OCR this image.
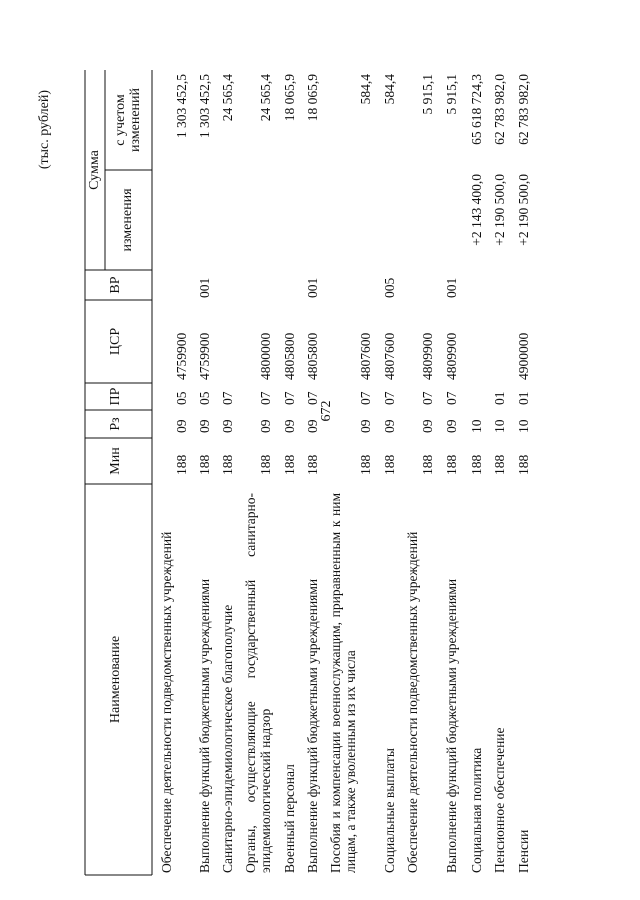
672
(тыс. рублей)
Наименование
Мин
Рз
ПР
ЦСР
ВР
Сумма
изменения
с учетом изменений
Обеспечение деятельности подведомственных учреждений
188
09
05
4759900
1 303 452,5
Выполнение функций бюджетными учреждениями
188
09
05
4759900
001
1 303 452,5
Санитарно-эпидемиологическое благополучие
188
09
07
24 565,4
Органы, осуществляющие государственный санитарно-эпидемиологический надзор
188
09
07
4800000
24 565,4
Военный персонал
188
09
07
4805800
18 065,9
Выполнение функций бюджетными учреждениями
188
09
07
4805800
001
18 065,9
Пособия и компенсации военнослужащим, приравненным к ним лицам, а также уволенным из их числа
188
09
07
4807600
584,4
Социальные выплаты
188
09
07
4807600
005
584,4
Обеспечение деятельности подведомственных учреждений
188
09
07
4809900
5 915,1
Выполнение функций бюджетными учреждениями
188
09
07
4809900
001
5 915,1
Социальная политика
188
10
+2 143 400,0
65 618 724,3
Пенсионное обеспечение
188
10
01
+2 190 500,0
62 783 982,0
Пенсии
188
10
01
4900000
+2 190 500,0
62 783 982,0
